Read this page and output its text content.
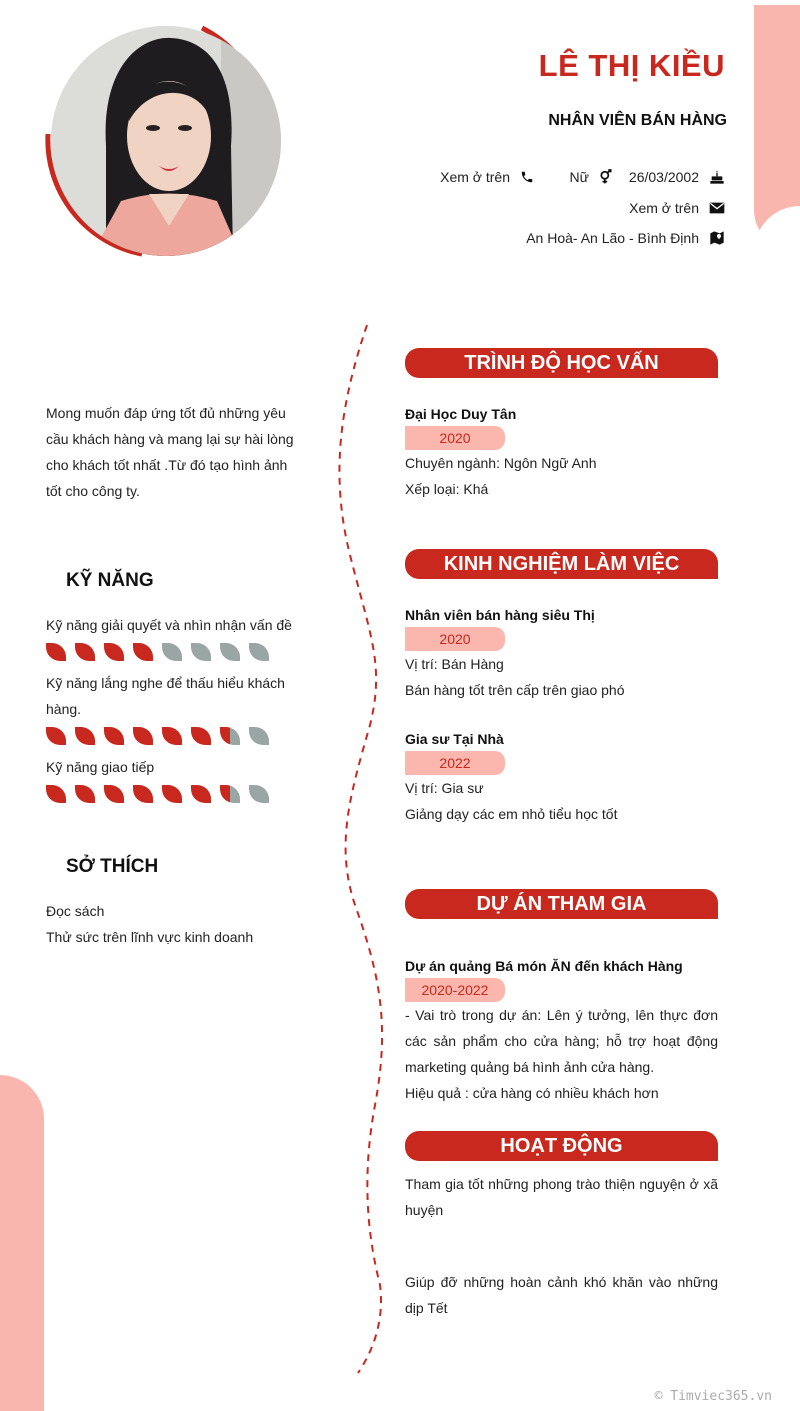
LÊ THỊ KIỀU
NHÂN VIÊN BÁN HÀNG
Xem ở trên	Nữ	26/03/2002
Xem ở trên
An Hoà- An Lão - Bình Định
Mong muốn đáp ứng tốt đủ những yêu cầu khách hàng và mang lại sự hài lòng cho khách tốt nhất .Từ đó tạo hình ảnh tốt cho công ty.
KỸ NĂNG
Kỹ năng giải quyết và nhìn nhận vấn đề
Kỹ năng lắng nghe để thấu hiểu khách hàng.
Kỹ năng giao tiếp
SỞ THÍCH
Đọc sách
Thử sức trên lĩnh vực kinh doanh
TRÌNH ĐỘ HỌC VẤN
Đại Học Duy Tân
2020
Chuyên ngành: Ngôn Ngữ Anh
Xếp loại: Khá
KINH NGHIỆM LÀM VIỆC
Nhân viên bán hàng siêu Thị
2020
Vị trí: Bán Hàng
Bán hàng tốt trên cấp trên giao phó
Gia sư Tại Nhà
2022
Vị trí: Gia sư
Giảng dạy các em nhỏ tiểu học tốt
DỰ ÁN THAM GIA
Dự án quảng Bá món ĂN đến khách Hàng
2020-2022
- Vai trò trong dự án: Lên ý tưởng, lên thực đơn các sản phẩm cho cửa hàng; hỗ trợ hoạt động marketing quảng bá hình ảnh cửa hàng.
Hiệu quả : cửa hàng có nhiều khách hơn
HOẠT ĐỘNG
Tham gia tốt những phong trào thiện nguyện ở xã huyện
Giúp đỡ những hoàn cảnh khó khăn vào những dịp Tết
© Timviec365.vn
